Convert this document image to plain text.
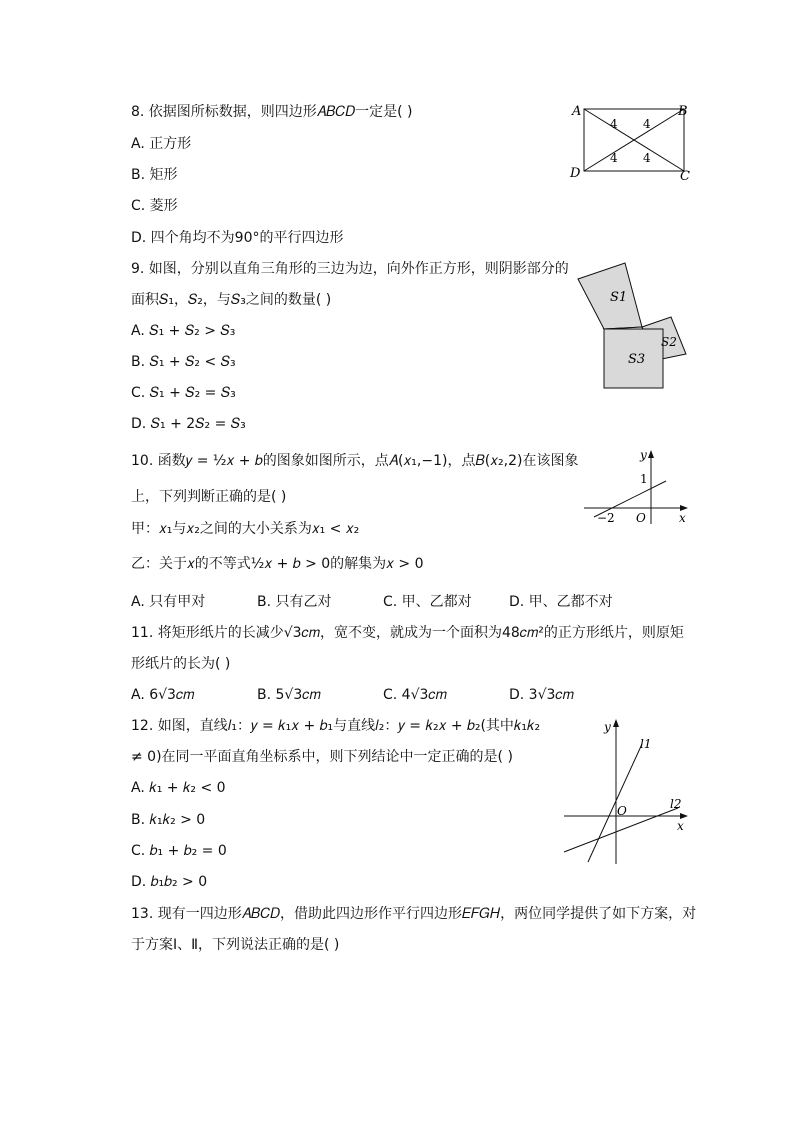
8. 依据图所标数据，则四边形𝐴𝐵𝐶𝐷一定是( )
A. 正方形
B. 矩形
C. 菱形
D. 四个角均不为90°的平行四边形
A	B
C
D
4 4
4 4
9. 如图，分别以直角三角形的三边为边，向外作正方形，则阴影部分的
面积𝑆₁，𝑆₂，与𝑆₃之间的数量( )
A. 𝑆₁ + 𝑆₂ > 𝑆₃
B. 𝑆₁ + 𝑆₂ < 𝑆₃
C. 𝑆₁ + 𝑆₂ = 𝑆₃
D. 𝑆₁ + 2𝑆₂ = 𝑆₃
S1
S2
S3
10. 函数𝑦 = ½𝑥 + 𝑏的图象如图所示，点𝐴(𝑥₁,−1)，点𝐵(𝑥₂,2)在该图象
上，下列判断正确的是( )
甲：𝑥₁与𝑥₂之间的大小关系为𝑥₁ < 𝑥₂
乙：关于𝑥的不等式½𝑥 + 𝑏 > 0的解集为𝑥 > 0
A. 只有甲对	B. 只有乙对	C. 甲、乙都对	D. 甲、乙都不对
y
x
1
−2 O
11. 将矩形纸片的长减少√3𝑐𝑚，宽不变，就成为一个面积为48𝑐𝑚²的正方形纸片，则原矩
形纸片的长为( )
A. 6√3𝑐𝑚	B. 5√3𝑐𝑚	C. 4√3𝑐𝑚	D. 3√3𝑐𝑚
12. 如图，直线𝑙₁：𝑦 = 𝑘₁𝑥 + 𝑏₁与直线𝑙₂：𝑦 = 𝑘₂𝑥 + 𝑏₂(其中𝑘₁𝑘₂
≠ 0)在同一平面直角坐标系中，则下列结论中一定正确的是( )
A. 𝑘₁ + 𝑘₂ < 0
B. 𝑘₁𝑘₂ > 0
C. 𝑏₁ + 𝑏₂ = 0
D. 𝑏₁𝑏₂ > 0
y
x
O
l1
l2
13. 现有一四边形𝐴𝐵𝐶𝐷，借助此四边形作平行四边形𝐸𝐹𝐺𝐻，两位同学提供了如下方案，对
于方案Ⅰ、Ⅱ，下列说法正确的是( )
